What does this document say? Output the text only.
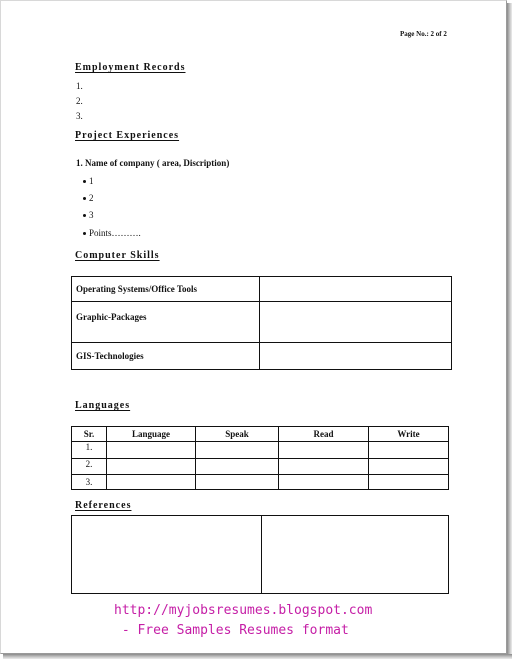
Page No.: 2 of 2
Employment Records
1.
2.
3.
Project Experiences
1. Name of company ( area, Discription)
1
2
3
Points……….
Computer Skills
Operating Systems/Office Tools	
Graphic-Packages	
GIS-Technologies	
Languages
Sr.	Language	Speak	Read	Write
1.				
2.				
3.				
References

http://myjobsresumes.blogspot.com
- Free Samples Resumes format
